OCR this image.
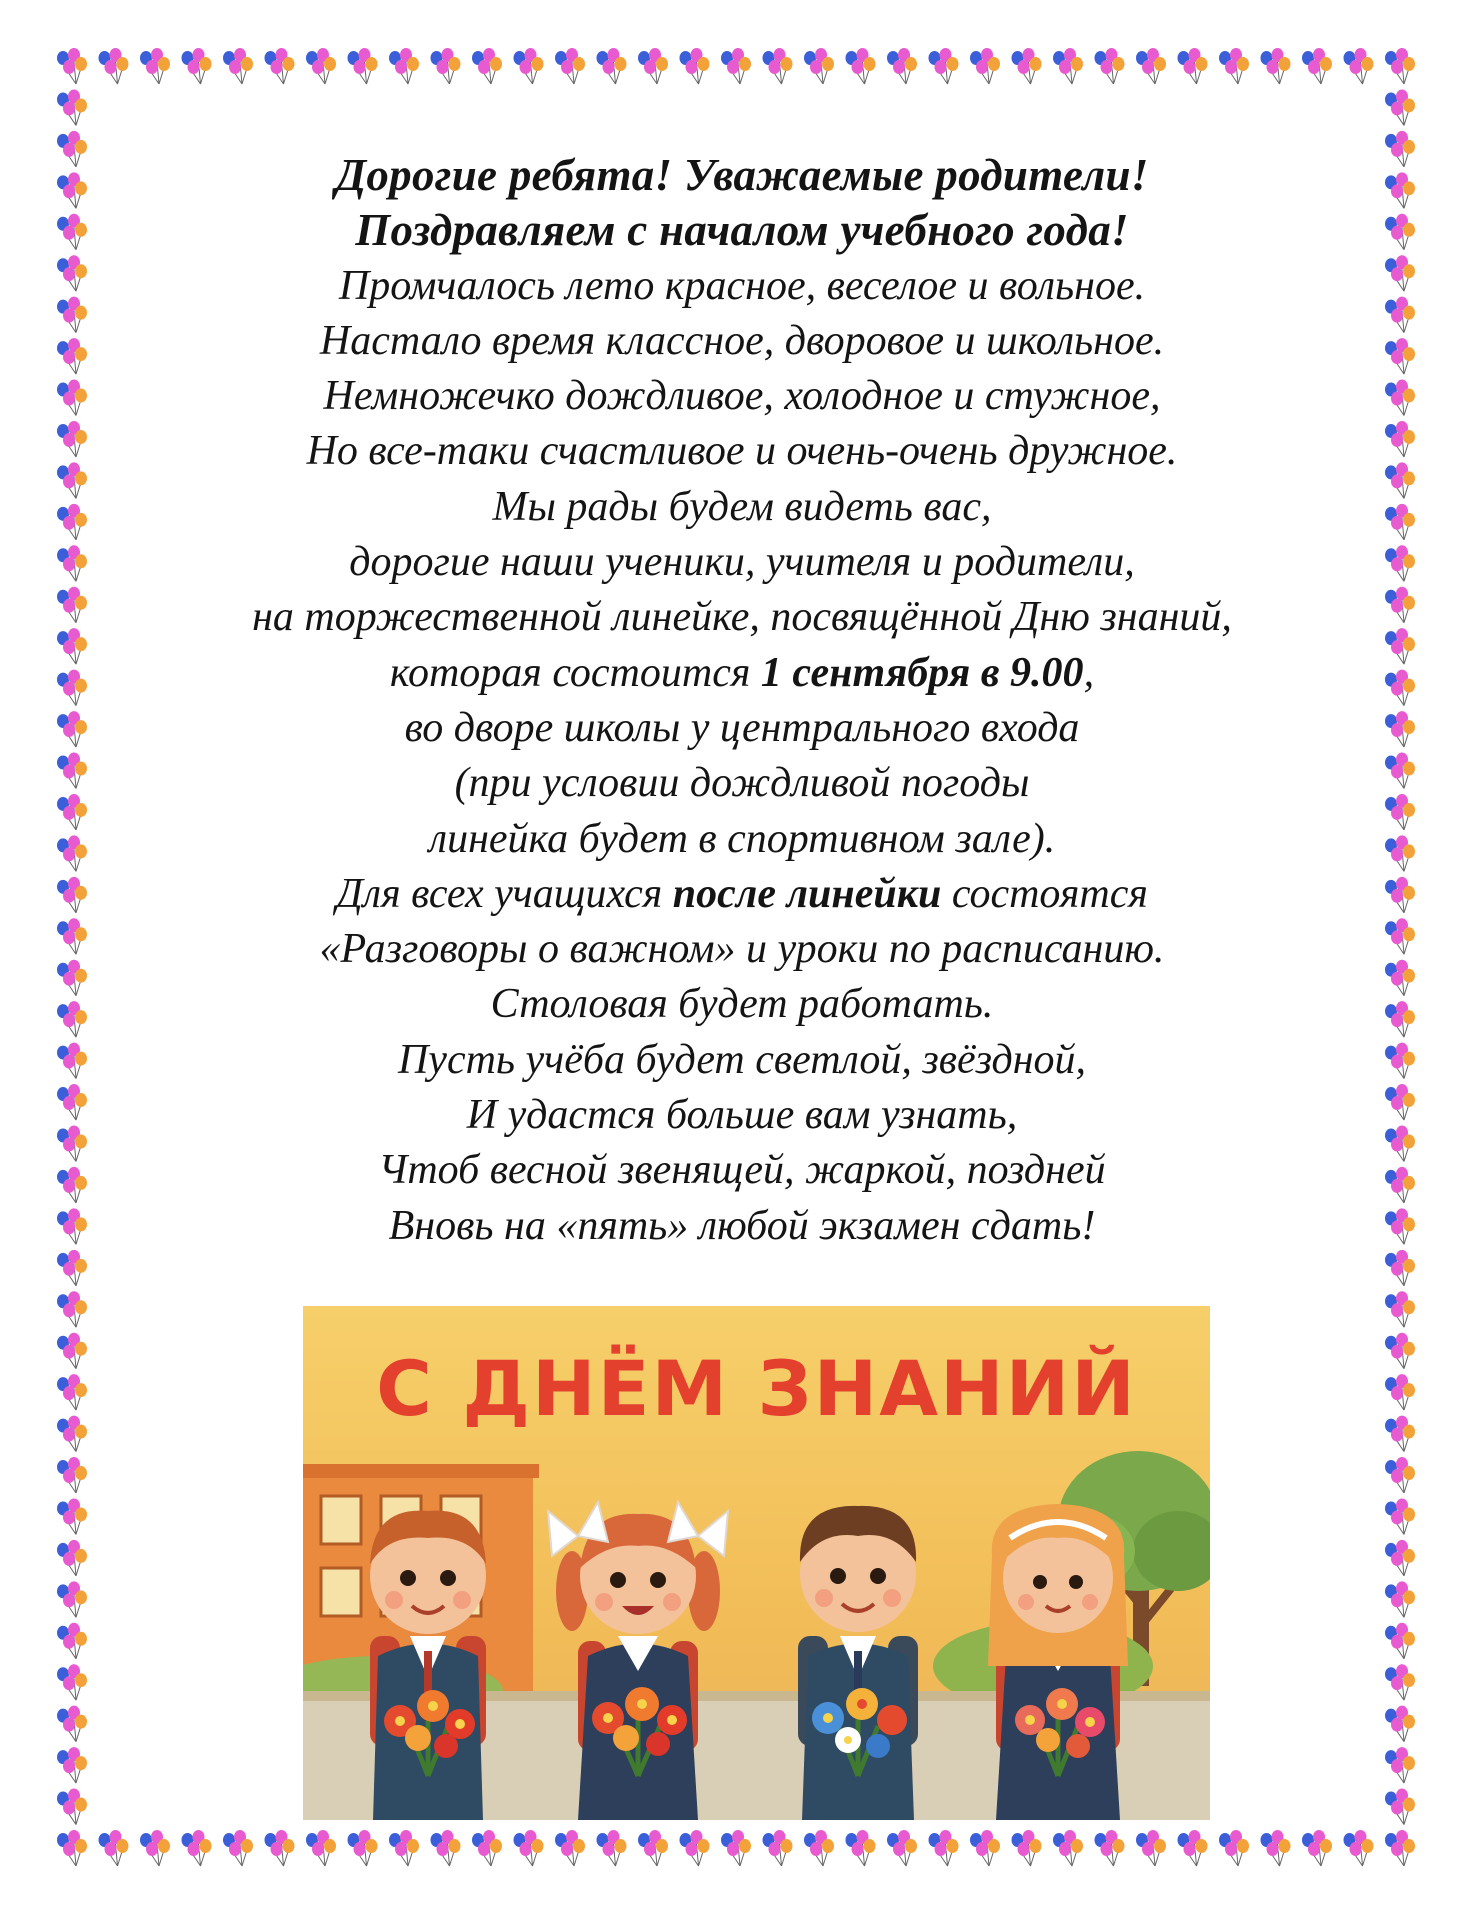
Дорогие ребята! Уважаемые родители!
Поздравляем с началом учебного года!
Промчалось лето красное, веселое и вольное.
Настало время классное, дворовое и школьное.
Немножечко дождливое, холодное и стужное,
Но все-таки счастливое и очень-очень дружное.
Мы рады будем видеть вас,
дорогие наши ученики, учителя и родители,
на торжественной линейке, посвящённой Дню знаний,
которая состоится 1 сентября в 9.00,
во дворе школы у центрального входа
(при условии дождливой погоды
линейка будет в спортивном зале).
Для всех учащихся после линейки состоятся
«Разговоры о важном» и уроки по расписанию.
Столовая будет работать.
Пусть учёба будет светлой, звёздной,
И удастся больше вам узнать,
Чтоб весной звенящей, жаркой, поздней
Вновь на «пять» любой экзамен сдать!
С ДНЁМ ЗНАНИЙ
